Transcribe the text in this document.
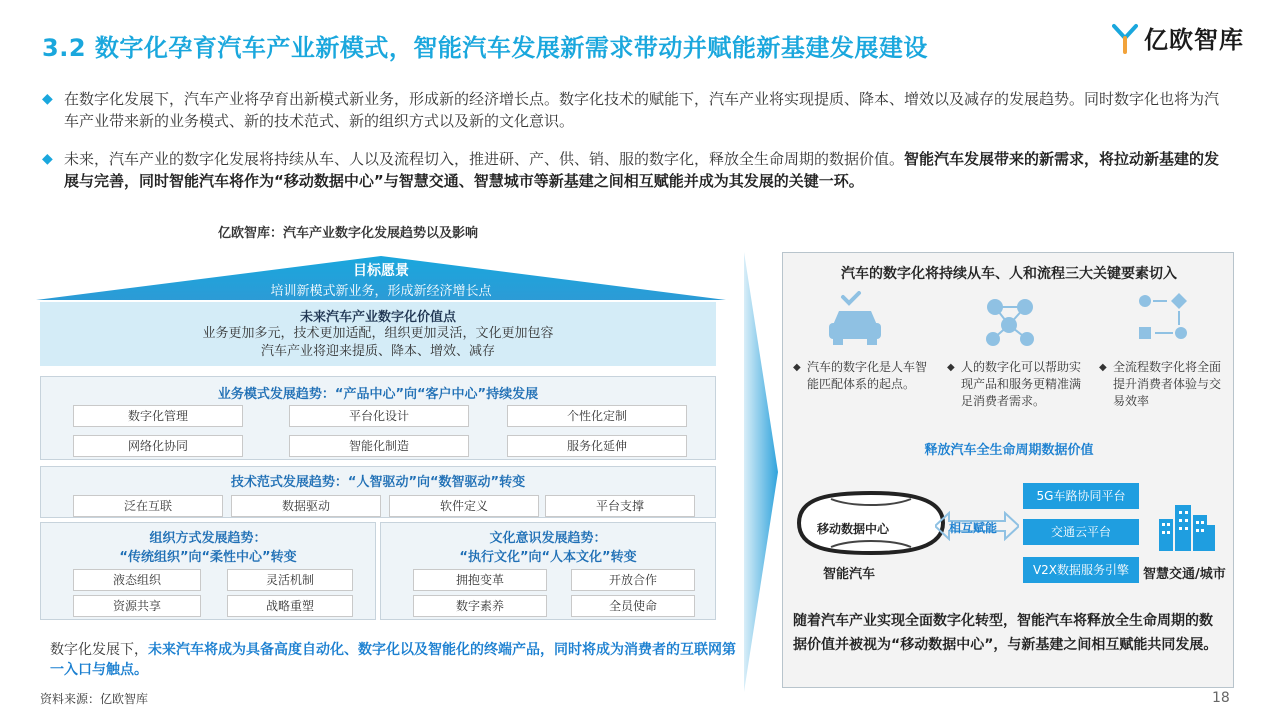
3.2 数字化孕育汽车产业新模式，智能汽车发展新需求带动并赋能新基建发展建设	亿欧智库
◆ 在数字化发展下，汽车产业将孕育出新模式新业务，形成新的经济增长点。数字化技术的赋能下，汽车产业将实现提质、降本、增效以及减存的发展趋势。同时数字化也将为汽车产业带来新的业务模式、新的技术范式、新的组织方式以及新的文化意识。
◆ 未来，汽车产业的数字化发展将持续从车、人以及流程切入，推进研、产、供、销、服的数字化，释放全生命周期的数据价值。智能汽车发展带来的新需求，将拉动新基建的发展与完善，同时智能汽车将作为“移动数据中心”与智慧交通、智慧城市等新基建之间相互赋能并成为其发展的关键一环。
亿欧智库：汽车产业数字化发展趋势以及影响
目标愿景
培训新模式新业务，形成新经济增长点
未来汽车产业数字化价值点
业务更加多元，技术更加适配，组织更加灵活，文化更加包容
汽车产业将迎来提质、降本、增效、减存
业务模式发展趋势：“产品中心”向“客户中心”持续发展
数字化管理	平台化设计	个性化定制
网络化协同	智能化制造	服务化延伸
技术范式发展趋势：“人智驱动”向“数智驱动”转变
泛在互联	数据驱动	软件定义	平台支撑
组织方式发展趋势：
“传统组织”向“柔性中心”转变
液态组织	灵活机制
资源共享	战略重塑
文化意识发展趋势：
“执行文化”向“人本文化”转变
拥抱变革	开放合作
数字素养	全员使命
数字化发展下，未来汽车将成为具备高度自动化、数字化以及智能化的终端产品，同时将成为消费者的互联网第一入口与触点。
汽车的数字化将持续从车、人和流程三大关键要素切入
◆ 汽车的数字化是人车智能匹配体系的起点。
◆ 人的数字化可以帮助实现产品和服务更精准满足消费者需求。
◆ 全流程数字化将全面提升消费者体验与交易效率
释放汽车全生命周期数据价值
移动数据中心
智能汽车
相互赋能
5G车路协同平台
交通云平台
V2X数据服务引擎	智慧交通/城市
随着汽车产业实现全面数字化转型，智能汽车将释放全生命周期的数据价值并被视为“移动数据中心”，与新基建之间相互赋能共同发展。
资料来源：亿欧智库	18
